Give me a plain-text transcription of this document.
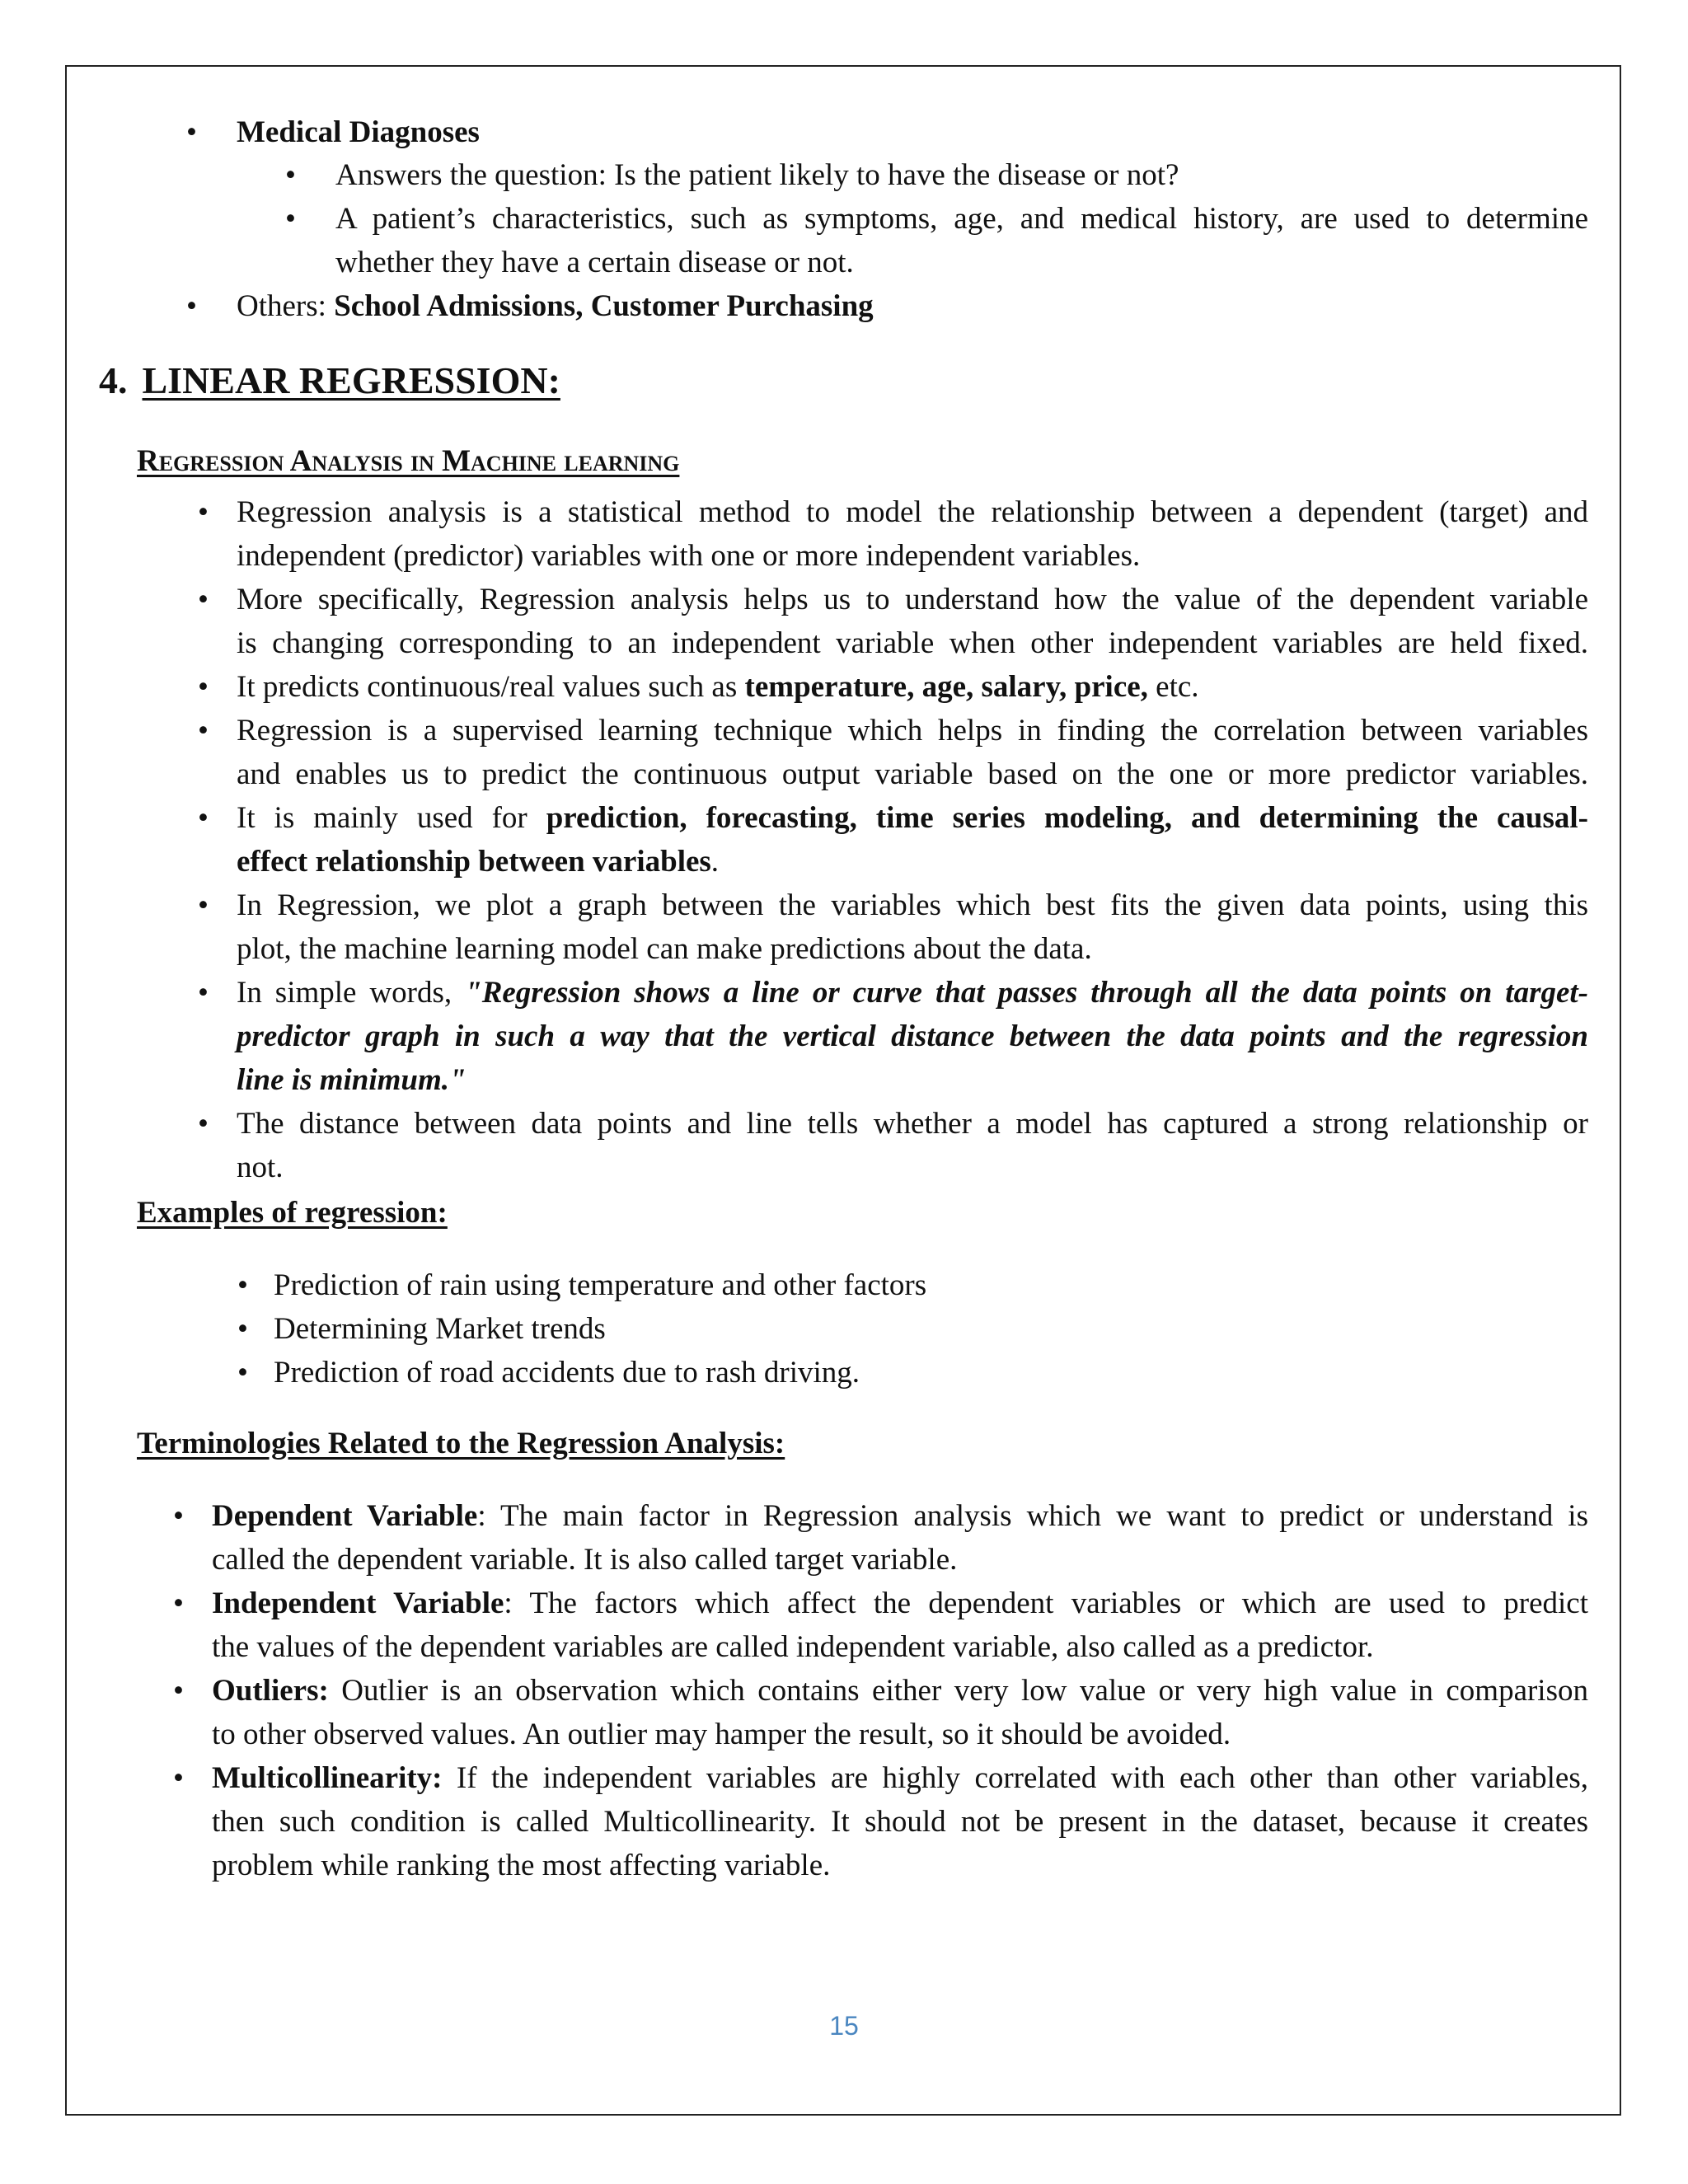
• Medical Diagnoses
• Answers the question: Is the patient likely to have the disease or not?
• A patient’s characteristics, such as symptoms, age, and medical history, are used to determine
whether they have a certain disease or not.
• Others: School Admissions, Customer Purchasing
4. LINEAR REGRESSION:
Regression Analysis in Machine learning
• Regression analysis is a statistical method to model the relationship between a dependent (target) and
independent (predictor) variables with one or more independent variables.
• More specifically, Regression analysis helps us to understand how the value of the dependent variable
is changing corresponding to an independent variable when other independent variables are held fixed.
• It predicts continuous/real values such as temperature, age, salary, price, etc.
• Regression is a supervised learning technique which helps in finding the correlation between variables
and enables us to predict the continuous output variable based on the one or more predictor variables.
• It is mainly used for prediction, forecasting, time series modeling, and determining the causal-
effect relationship between variables.
• In Regression, we plot a graph between the variables which best fits the given data points, using this
plot, the machine learning model can make predictions about the data.
• In simple words, "Regression shows a line or curve that passes through all the data points on target-
predictor graph in such a way that the vertical distance between the data points and the regression
line is minimum."
• The distance between data points and line tells whether a model has captured a strong relationship or
not.
Examples of regression:
• Prediction of rain using temperature and other factors
• Determining Market trends
• Prediction of road accidents due to rash driving.
Terminologies Related to the Regression Analysis:
• Dependent Variable: The main factor in Regression analysis which we want to predict or understand is
called the dependent variable. It is also called target variable.
• Independent Variable: The factors which affect the dependent variables or which are used to predict
the values of the dependent variables are called independent variable, also called as a predictor.
• Outliers: Outlier is an observation which contains either very low value or very high value in comparison
to other observed values. An outlier may hamper the result, so it should be avoided.
• Multicollinearity: If the independent variables are highly correlated with each other than other variables,
then such condition is called Multicollinearity. It should not be present in the dataset, because it creates
problem while ranking the most affecting variable.
15
